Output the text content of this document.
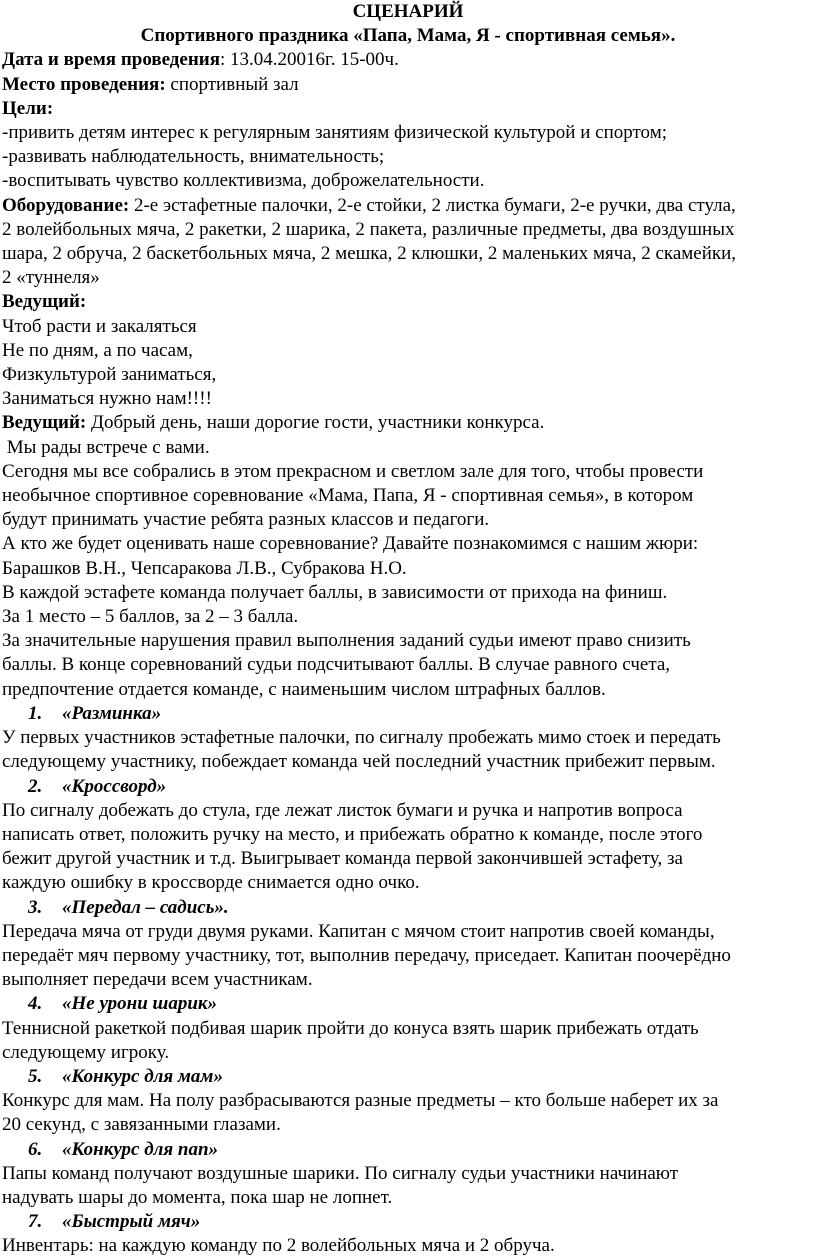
СЦЕНАРИЙ
Спортивного праздника «Папа, Мама, Я - спортивная семья».
Дата и время проведения: 13.04.20016г. 15-00ч.
Место проведения: спортивный зал
Цели:
-привить детям интерес к регулярным занятиям физической культурой и спортом;
-развивать наблюдательность, внимательность;
-воспитывать чувство коллективизма, доброжелательности.
Оборудование: 2-е эстафетные палочки, 2-е стойки, 2 листка бумаги, 2-е ручки, два стула,
2 волейбольных мяча, 2 ракетки, 2 шарика, 2 пакета, различные предметы, два воздушных
шара, 2 обруча, 2 баскетбольных мяча, 2 мешка, 2 клюшки, 2 маленьких мяча, 2 скамейки,
2 «туннеля»
Ведущий:
Чтоб расти и закаляться
Не по дням, а по часам,
Физкультурой заниматься,
Заниматься нужно нам!!!!
Ведущий: Добрый день, наши дорогие гости, участники конкурса.
Мы рады встрече с вами.
Сегодня мы все собрались в этом прекрасном и светлом зале для того, чтобы провести
необычное спортивное соревнование «Мама, Папа, Я - спортивная семья», в котором
будут принимать участие ребята разных классов и педагоги.
А кто же будет оценивать наше соревнование? Давайте познакомимся с нашим жюри:
Барашков В.Н., Чепсаракова Л.В., Субракова Н.О.
В каждой эстафете команда получает баллы, в зависимости от прихода на финиш.
За 1 место – 5 баллов, за 2 – 3 балла.
За значительные нарушения правил выполнения заданий судьи имеют право снизить
баллы. В конце соревнований судьи подсчитывают баллы. В случае равного счета,
предпочтение отдается команде, с наименьшим числом штрафных баллов.
1. «Разминка»
У первых участников эстафетные палочки, по сигналу пробежать мимо стоек и передать
следующему участнику, побеждает команда чей последний участник прибежит первым.
2. «Кроссворд»
По сигналу добежать до стула, где лежат листок бумаги и ручка и напротив вопроса
написать ответ, положить ручку на место, и прибежать обратно к команде, после этого
бежит другой участник и т.д. Выигрывает команда первой закончившей эстафету, за
каждую ошибку в кроссворде снимается одно очко.
3. «Передал – садись».
Передача мяча от груди двумя руками. Капитан с мячом стоит напротив своей команды,
передаёт мяч первому участнику, тот, выполнив передачу, приседает. Капитан поочерёдно
выполняет передачи всем участникам.
4. «Не урони шарик»
Теннисной ракеткой подбивая шарик пройти до конуса взять шарик прибежать отдать
следующему игроку.
5. «Конкурс для мам»
Конкурс для мам. На полу разбрасываются разные предметы – кто больше наберет их за
20 секунд, с завязанными глазами.
6. «Конкурс для пап»
Папы команд получают воздушные шарики. По сигналу судьи участники начинают
надувать шары до момента, пока шар не лопнет.
7. «Быстрый мяч»
Инвентарь: на каждую команду по 2 волейбольных мяча и 2 обруча.
